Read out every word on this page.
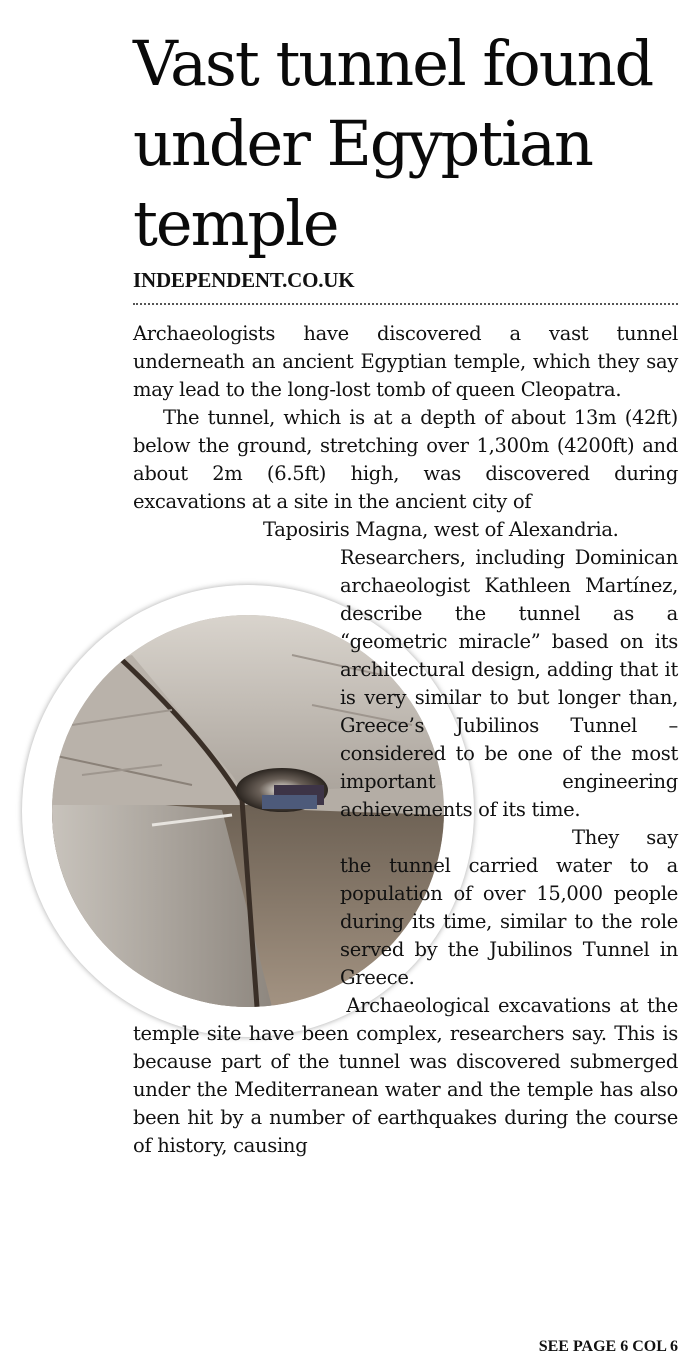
Vast tunnel found under Egyptian temple
INDEPENDENT.CO.UK

Archaeologists have discovered a vast tunnel underneath an ancient Egyptian temple, which they say may lead to the long-lost tomb of queen Cleopatra.

The tunnel, which is at a depth of about 13m (42ft) below the ground, stretching over 1,300m (4200ft) and about 2m (6.5ft) high, was discovered during excavations at a site in the ancient city of

Taposiris Magna, west of Alexandria.

Researchers, including Dominican archaeologist Kathleen Martínez, describe the tunnel as a “geometric miracle” based on its architectural design, adding that it is very similar to but longer than, Greece’s Jubilinos Tunnel – considered to be one of the most important engineering achievements of its time.

They say the tunnel carried water to a population of over 15,000 people during its time, similar to the role served by the Jubilinos Tunnel in Greece.

Archaeological excavations at the temple site have been complex, researchers say. This is because part of the tunnel was discovered submerged under the Mediterranean water and the temple has also been hit by a number of earthquakes during the course of history, causing

SEE PAGE 6 COL 6
